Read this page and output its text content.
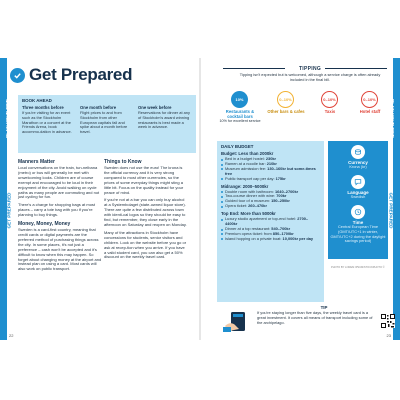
PLAN YOUR TRIP
GET PREPARED
Get Prepared
BOOK AHEAD
Three months before
If you're visiting for an event such as the Stockholm Marathon or a concert at the Friends Arena, book accommo-dation in advance.
One month before
Flight prices to and from Stockholm from other European capitals fall and spike about a month before travel.
One week before
Reservations for dinner at any of Stockholm's award winning restaurants is best made a week in advance.
Manners Matter
Loud conversations on the train, tun-nelbana (metro) or bus will generally be met with unwelcoming looks. Children are of course exempt and encouraged to be loud in their enjoyment of the city. Avoid walking on cycle paths as many people are commuting and not just cycling for fun.
There's a charge for shopping bags at most places – carry a tote bag with you if you're planning to buy things.
Money, Money, Money
Sweden is a card-first country, meaning that credit cards or digital payments are the preferred method of purchasing things across the city. In some places, it's not just a preference – cash won't be accepted and it's difficult to know when this may happen. So forget about changing money at the airport and instead plan on using a card. Most cards will also work on public transport.
Things to Know
Sweden does not use the euro! The krona is the official currency and it is very strong compared to most other currencies, so the prices of some everyday things might sting a little bit. Focus on the quality instead for your peace of mind.
If you're not at a bar you can only buy alcohol at a Systembolaget (state-owned liquor store). There are quite a few distributed across town with identi-cal logos so they should be easy to find, but remember, they close early in the afternoon on Saturday and reopen on Monday.
Many of the attractions in Stockholm have concessions for students, senior visitors and children. Look on the website before you go or ask at recep-tion when you arrive. If you have a valid student card, you can also get a 50% discount on the weekly travel card.
22
PLAN YOUR TRIP
GET PREPARED
TIPPING
Tipping isn't expected but is welcomed, although a service charge is often already included in the final bill.
10%
Restaurants & cocktail bars
10% for excellent service
0–10%
Other bars & cafes
0–10%
Taxis
0–10%
Hotel staff
DAILY BUDGET
Budget: Less than 2000kr
Bed in a budget hostel: 230kr
Ramen at a noodle bar: 210kr
Museum admission fee: 130–160kr but some-times free
Public transport cap per day: 175kr
Midrange: 2000–5000kr
Double room with bathroom: 1640–2700kr
Two-course dinner with wine: 700kr
Guided tour of a museum: 150–250kr
Opera ticket: 260–470kr
Top End: More than 5000kr
Luxury studio apartment or top-end hotel: 2700–4400kr
Dinner at a top restaurant: 540–700kr
Premium opera ticket: from 850–1700kr
Island hopping on a private boat: 10,000kr per day
Currency
Krona (kr)
Language
Swedish
Time
Central European Time (GMT/UTC+1 in winter, GMT/UTC+2 during the daylight savings period)
PHOTO BY LOREM IPSUM/STOCKPHOTO ©
TIP
If you're staying longer than five days, the weekly travel card is a great investment. It covers all means of transport including some of the archipelago.
23
